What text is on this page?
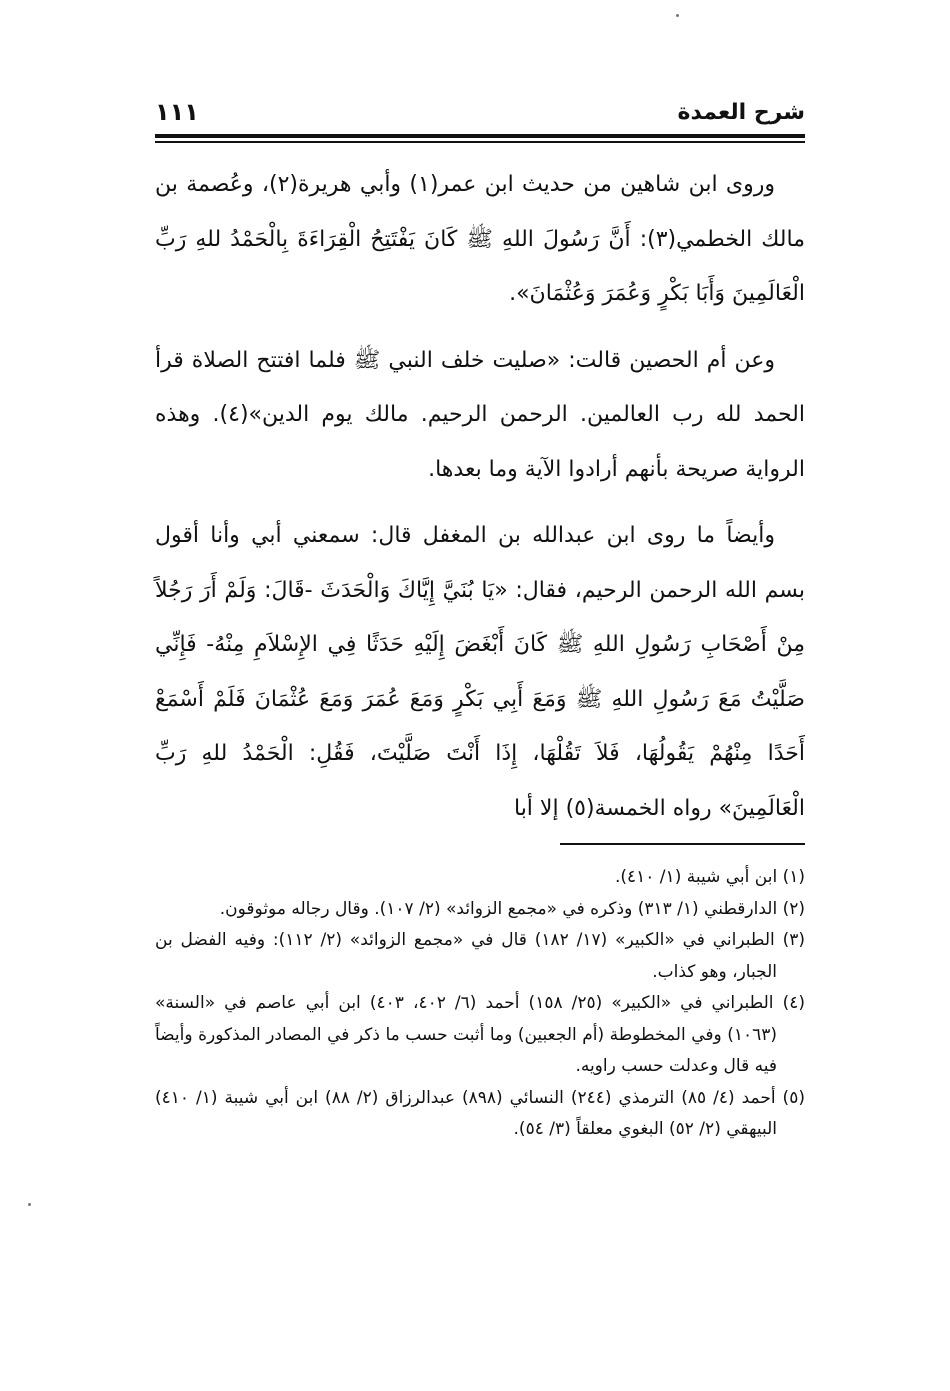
شرح العمدة
١١١

وروى ابن شاهين من حديث ابن عمر(١) وأبي هريرة(٢)، وعُصمة بن مالك الخطمي(٣): أَنَّ رَسُولَ اللهِ ﷺ كَانَ يَفْتَتِحُ الْقِرَاءَةَ بِالْحَمْدُ للهِ رَبِّ الْعَالَمِينَ وَأَبَا بَكْرٍ وَعُمَرَ وَعُثْمَانَ».

وعن أم الحصين قالت: «صليت خلف النبي ﷺ فلما افتتح الصلاة قرأ الحمد لله رب العالمين. الرحمن الرحيم. مالك يوم الدين»(٤). وهذه الرواية صريحة بأنهم أرادوا الآية وما بعدها.

وأيضاً ما روى ابن عبدالله بن المغفل قال: سمعني أبي وأنا أقول بسم الله الرحمن الرحيم، فقال: «يَا بُنَيَّ إِيَّاكَ وَالْحَدَثَ -قَالَ: وَلَمْ أَرَ رَجُلاً مِنْ أَصْحَابِ رَسُولِ اللهِ ﷺ كَانَ أَبْغَضَ إِلَيْهِ حَدَثًا فِي الإِسْلاَمِ مِنْهُ- فَإِنِّي صَلَّيْتُ مَعَ رَسُولِ اللهِ ﷺ وَمَعَ أَبِي بَكْرٍ وَمَعَ عُمَرَ وَمَعَ عُثْمَانَ فَلَمْ أَسْمَعْ أَحَدًا مِنْهُمْ يَقُولُهَا، فَلاَ تَقُلْهَا، إِذَا أَنْتَ صَلَّيْتَ، فَقُلِ: الْحَمْدُ للهِ رَبِّ الْعَالَمِينَ» رواه الخمسة(٥) إلا أبا

(١) ابن أبي شيبة (١/ ٤١٠).

(٢) الدارقطني (١/ ٣١٣) وذكره في «مجمع الزوائد» (٢/ ١٠٧). وقال رجاله موثوقون.

(٣) الطبراني في «الكبير» (١٧/ ١٨٢) قال في «مجمع الزوائد» (٢/ ١١٢): وفيه الفضل بن الجبار، وهو كذاب.

(٤) الطبراني في «الكبير» (٢٥/ ١٥٨) أحمد (٦/ ٤٠٢، ٤٠٣) ابن أبي عاصم في «السنة» (١٠٦٣) وفي المخطوطة (أم الجعبين) وما أثبت حسب ما ذكر في المصادر المذكورة وأيضاً فيه قال وعدلت حسب راويه.

(٥) أحمد (٤/ ٨٥) الترمذي (٢٤٤) النسائي (٨٩٨) عبدالرزاق (٢/ ٨٨) ابن أبي شيبة (١/ ٤١٠) البيهقي (٢/ ٥٢) البغوي معلقاً (٣/ ٥٤).
